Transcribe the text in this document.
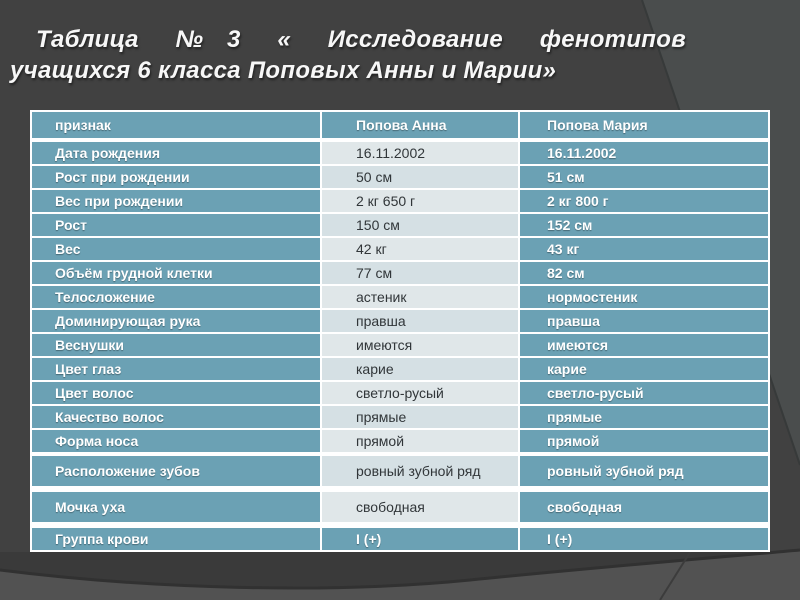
Таблица №3 « Исследование фенотипов
учащихся 6 класса Поповых Анны и Марии»
признак	Попова Анна	Попова Мария
Дата рождения	16.11.2002	16.11.2002
Рост при рождении	50 см	51 см
Вес при рождении	2 кг 650 г	2 кг 800 г
Рост	150 см	152 см
Вес	42 кг	43 кг
Объём грудной клетки	77 см	82 см
Телосложение	астеник	нормостеник
Доминирующая рука	правша	правша
Веснушки	имеются	имеются
Цвет глаз	карие	карие
Цвет волос	светло-русый	светло-русый
Качество волос	прямые	прямые
Форма носа	прямой	прямой
Расположение зубов	ровный зубной ряд	ровный зубной ряд
Мочка уха	свободная	свободная
Группа крови	I (+)	I (+)
